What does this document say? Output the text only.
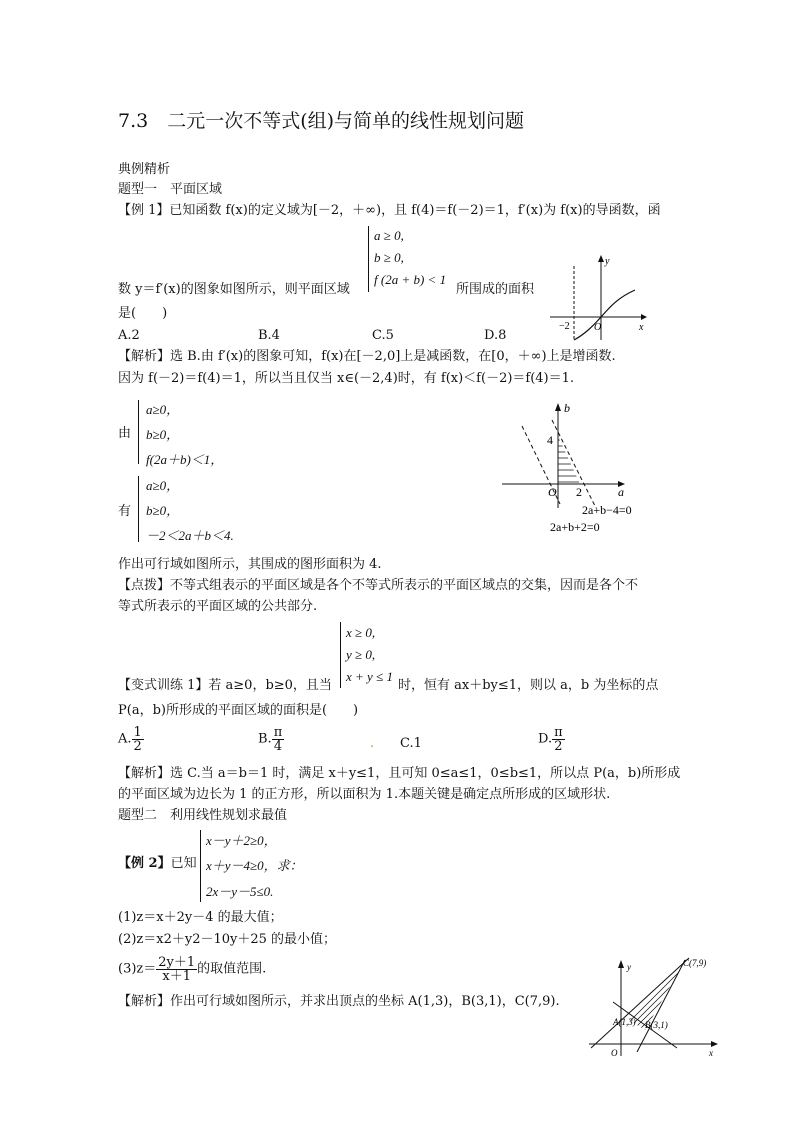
7.3　二元一次不等式(组)与简单的线性规划问题
典例精析
题型一　平面区域
【例 1】已知函数 f(x)的定义域为[－2，＋∞)，且 f(4)＝f(－2)＝1，f′(x)为 f(x)的导函数，函
a ≥ 0,
b ≥ 0,
f (2a + b) < 1
数 y＝f′(x)的图象如图所示，则平面区域	所围成的面积
是(　　)
A.2	B.4	C.5	D.8
y
x
−2 O
【解析】选 B.由 f′(x)的图象可知，f(x)在[－2,0]上是减函数，在[0，＋∞)上是增函数.
因为 f(－2)＝f(4)＝1，所以当且仅当 x∈(－2,4)时，有 f(x)＜f(－2)＝f(4)＝1.
由
a≥0，
b≥0，
f(2a＋b)＜1，
有
a≥0，
b≥0，
－2＜2a＋b＜4.
b
a
4
O 2
2a+b−4=0
2a+b+2=0
作出可行域如图所示，其围成的图形面积为 4.
【点拨】不等式组表示的平面区域是各个不等式所表示的平面区域点的交集，因而是各个不
等式所表示的平面区域的公共部分.
x ≥ 0,
y ≥ 0,
x + y ≤ 1
【变式训练 1】若 a≥0，b≥0，且当	时，恒有 ax＋by≤1，则以 a，b 为坐标的点
P(a，b)所形成的平面区域的面积是(　　)
A. $\frac{1}{2}$	B. $\frac{\pi}{4}$	. C.1	D. $\frac{\pi}{2}$
【解析】选 C.当 a＝b＝1 时，满足 x＋y≤1，且可知 0≤a≤1，0≤b≤1，所以点 P(a，b)所形成
的平面区域为边长为 1 的正方形，所以面积为 1.本题关键是确定点所形成的区域形状.
题型二　利用线性规划求最值
【例 2】已知
x－y＋2≥0，
x＋y－4≥0，求：
2x－y－5≤0.
(1)z＝x＋2y－4 的最大值；
(2)z＝x2＋y2－10y＋25 的最小值；
$(3)z= \frac{2y+1}{x+1}$ 的取值范围.
【解析】作出可行域如图所示，并求出顶点的坐标 A(1,3)，B(3,1)，C(7,9).
y
x
O
C(7,9)
A(1,3) B(3,1)
